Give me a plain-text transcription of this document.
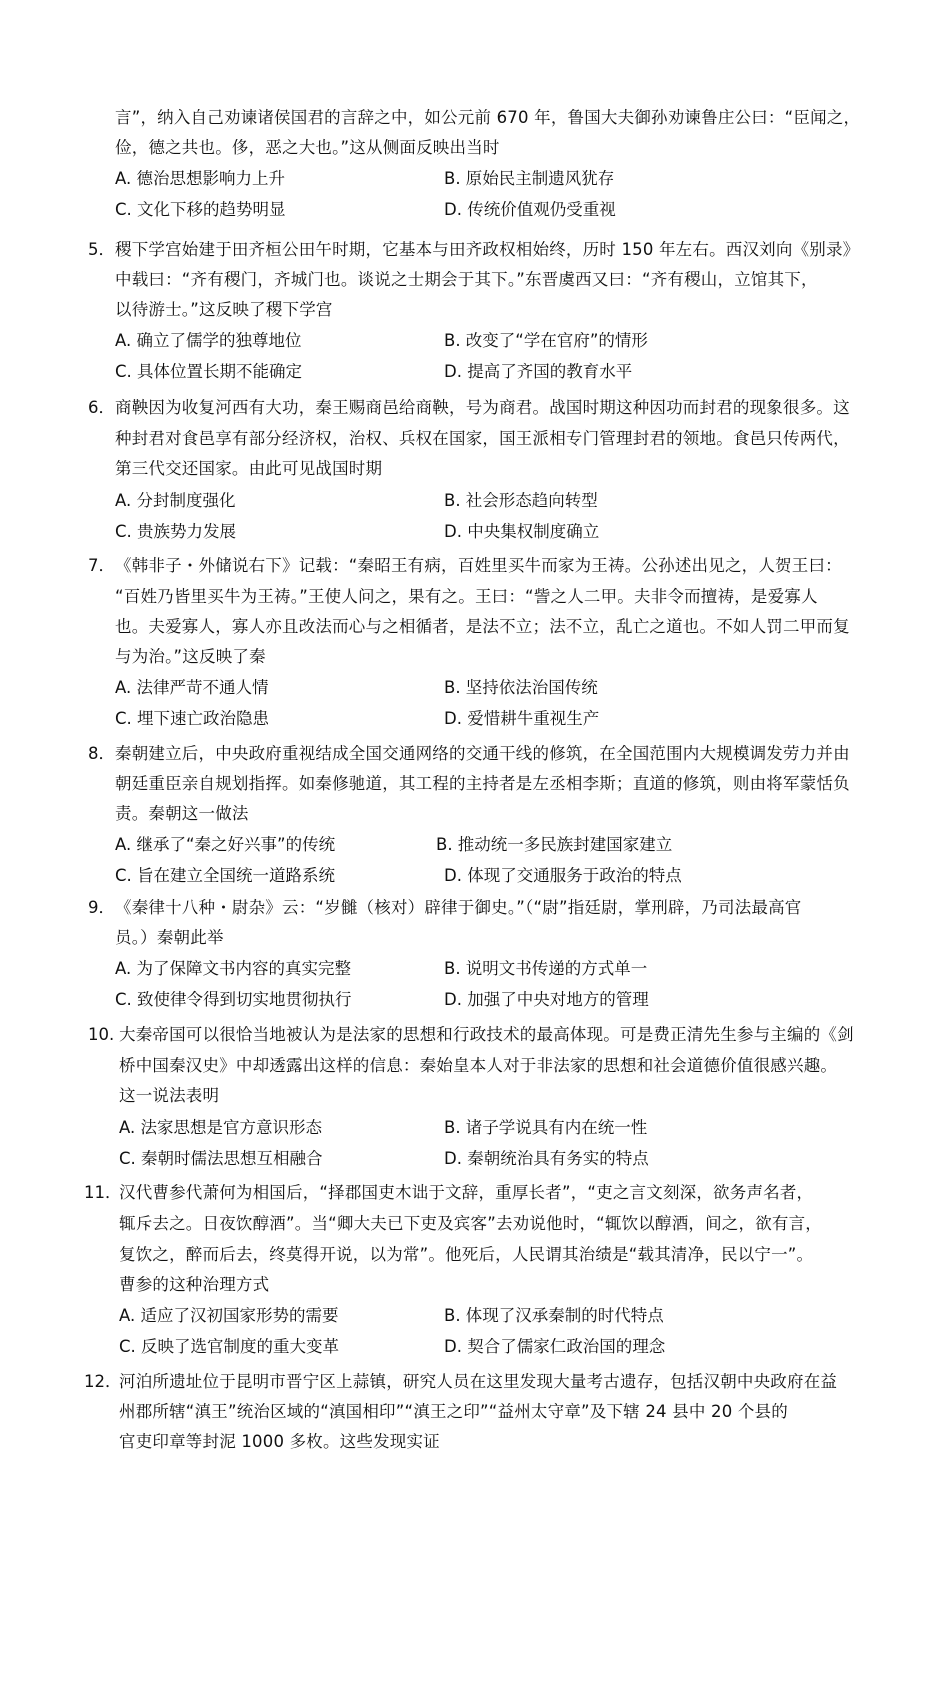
言”，纳入自己劝谏诸侯国君的言辞之中，如公元前 670 年，鲁国大夫御孙劝谏鲁庄公曰：“臣闻之，
俭，德之共也。侈，恶之大也。”这从侧面反映出当时
A. 德治思想影响力上升	B. 原始民主制遗风犹存
C. 文化下移的趋势明显	D. 传统价值观仍受重视
5． 稷下学宫始建于田齐桓公田午时期，它基本与田齐政权相始终，历时 150 年左右。西汉刘向《别录》
中载曰：“齐有稷门，齐城门也。谈说之士期会于其下。”东晋虞西又曰：“齐有稷山，立馆其下，
以待游士。”这反映了稷下学宫
A. 确立了儒学的独尊地位	B. 改变了“学在官府”的情形
C. 具体位置长期不能确定	D. 提高了齐国的教育水平
6． 商鞅因为收复河西有大功，秦王赐商邑给商鞅，号为商君。战国时期这种因功而封君的现象很多。这
种封君对食邑享有部分经济权，治权、兵权在国家，国王派相专门管理封君的领地。食邑只传两代，
第三代交还国家。由此可见战国时期
A. 分封制度强化	B. 社会形态趋向转型
C. 贵族势力发展	D. 中央集权制度确立
7． 《韩非子・外储说右下》记载：“秦昭王有病，百姓里买牛而家为王祷。公孙述出见之，人贺王曰：
“百姓乃皆里买牛为王祷。”王使人问之，果有之。王曰：“訾之人二甲。夫非令而擅祷，是爱寡人
也。夫爱寡人，寡人亦且改法而心与之相循者，是法不立；法不立，乱亡之道也。不如人罚二甲而复
与为治。”这反映了秦
A. 法律严苛不通人情	B. 坚持依法治国传统
C. 埋下速亡政治隐患	D. 爱惜耕牛重视生产
8． 秦朝建立后，中央政府重视结成全国交通网络的交通干线的修筑，在全国范围内大规模调发劳力并由
朝廷重臣亲自规划指挥。如秦修驰道，其工程的主持者是左丞相李斯；直道的修筑，则由将军蒙恬负
责。秦朝这一做法
A. 继承了“秦之好兴事”的传统	B. 推动统一多民族封建国家建立
C. 旨在建立全国统一道路系统	D. 体现了交通服务于政治的特点
9． 《秦律十八种・尉杂》云：“岁雠（核对）辟律于御史。”（“尉”指廷尉，掌刑辟，乃司法最高官
员。）秦朝此举
A. 为了保障文书内容的真实完整	B. 说明文书传递的方式单一
C. 致使律令得到切实地贯彻执行	D. 加强了中央对地方的管理
10. 大秦帝国可以很恰当地被认为是法家的思想和行政技术的最高体现。可是费正清先生参与主编的《剑
桥中国秦汉史》中却透露出这样的信息：秦始皇本人对于非法家的思想和社会道德价值很感兴趣。
这一说法表明
A. 法家思想是官方意识形态	B. 诸子学说具有内在统一性
C. 秦朝时儒法思想互相融合	D. 秦朝统治具有务实的特点
11．
汉代曹参代萧何为相国后，“择郡国吏木诎于文辞，重厚长者”，“吏之言文刻深，欲务声名者，
辄斥去之。日夜饮醇酒”。当“卿大夫已下吏及宾客”去劝说他时，“辄饮以醇酒，间之，欲有言，
复饮之，醉而后去，终莫得开说，以为常”。他死后，人民谓其治绩是“载其清净，民以宁一”。
曹参的这种治理方式
A. 适应了汉初国家形势的需要	B. 体现了汉承秦制的时代特点
C. 反映了选官制度的重大变革	D. 契合了儒家仁政治国的理念
12．
河泊所遗址位于昆明市晋宁区上蒜镇，研究人员在这里发现大量考古遗存，包括汉朝中央政府在益
州郡所辖“滇王”统治区域的“滇国相印”“滇王之印”“益州太守章”及下辖 24 县中 20 个县的
官吏印章等封泥 1000 多枚。这些发现实证
